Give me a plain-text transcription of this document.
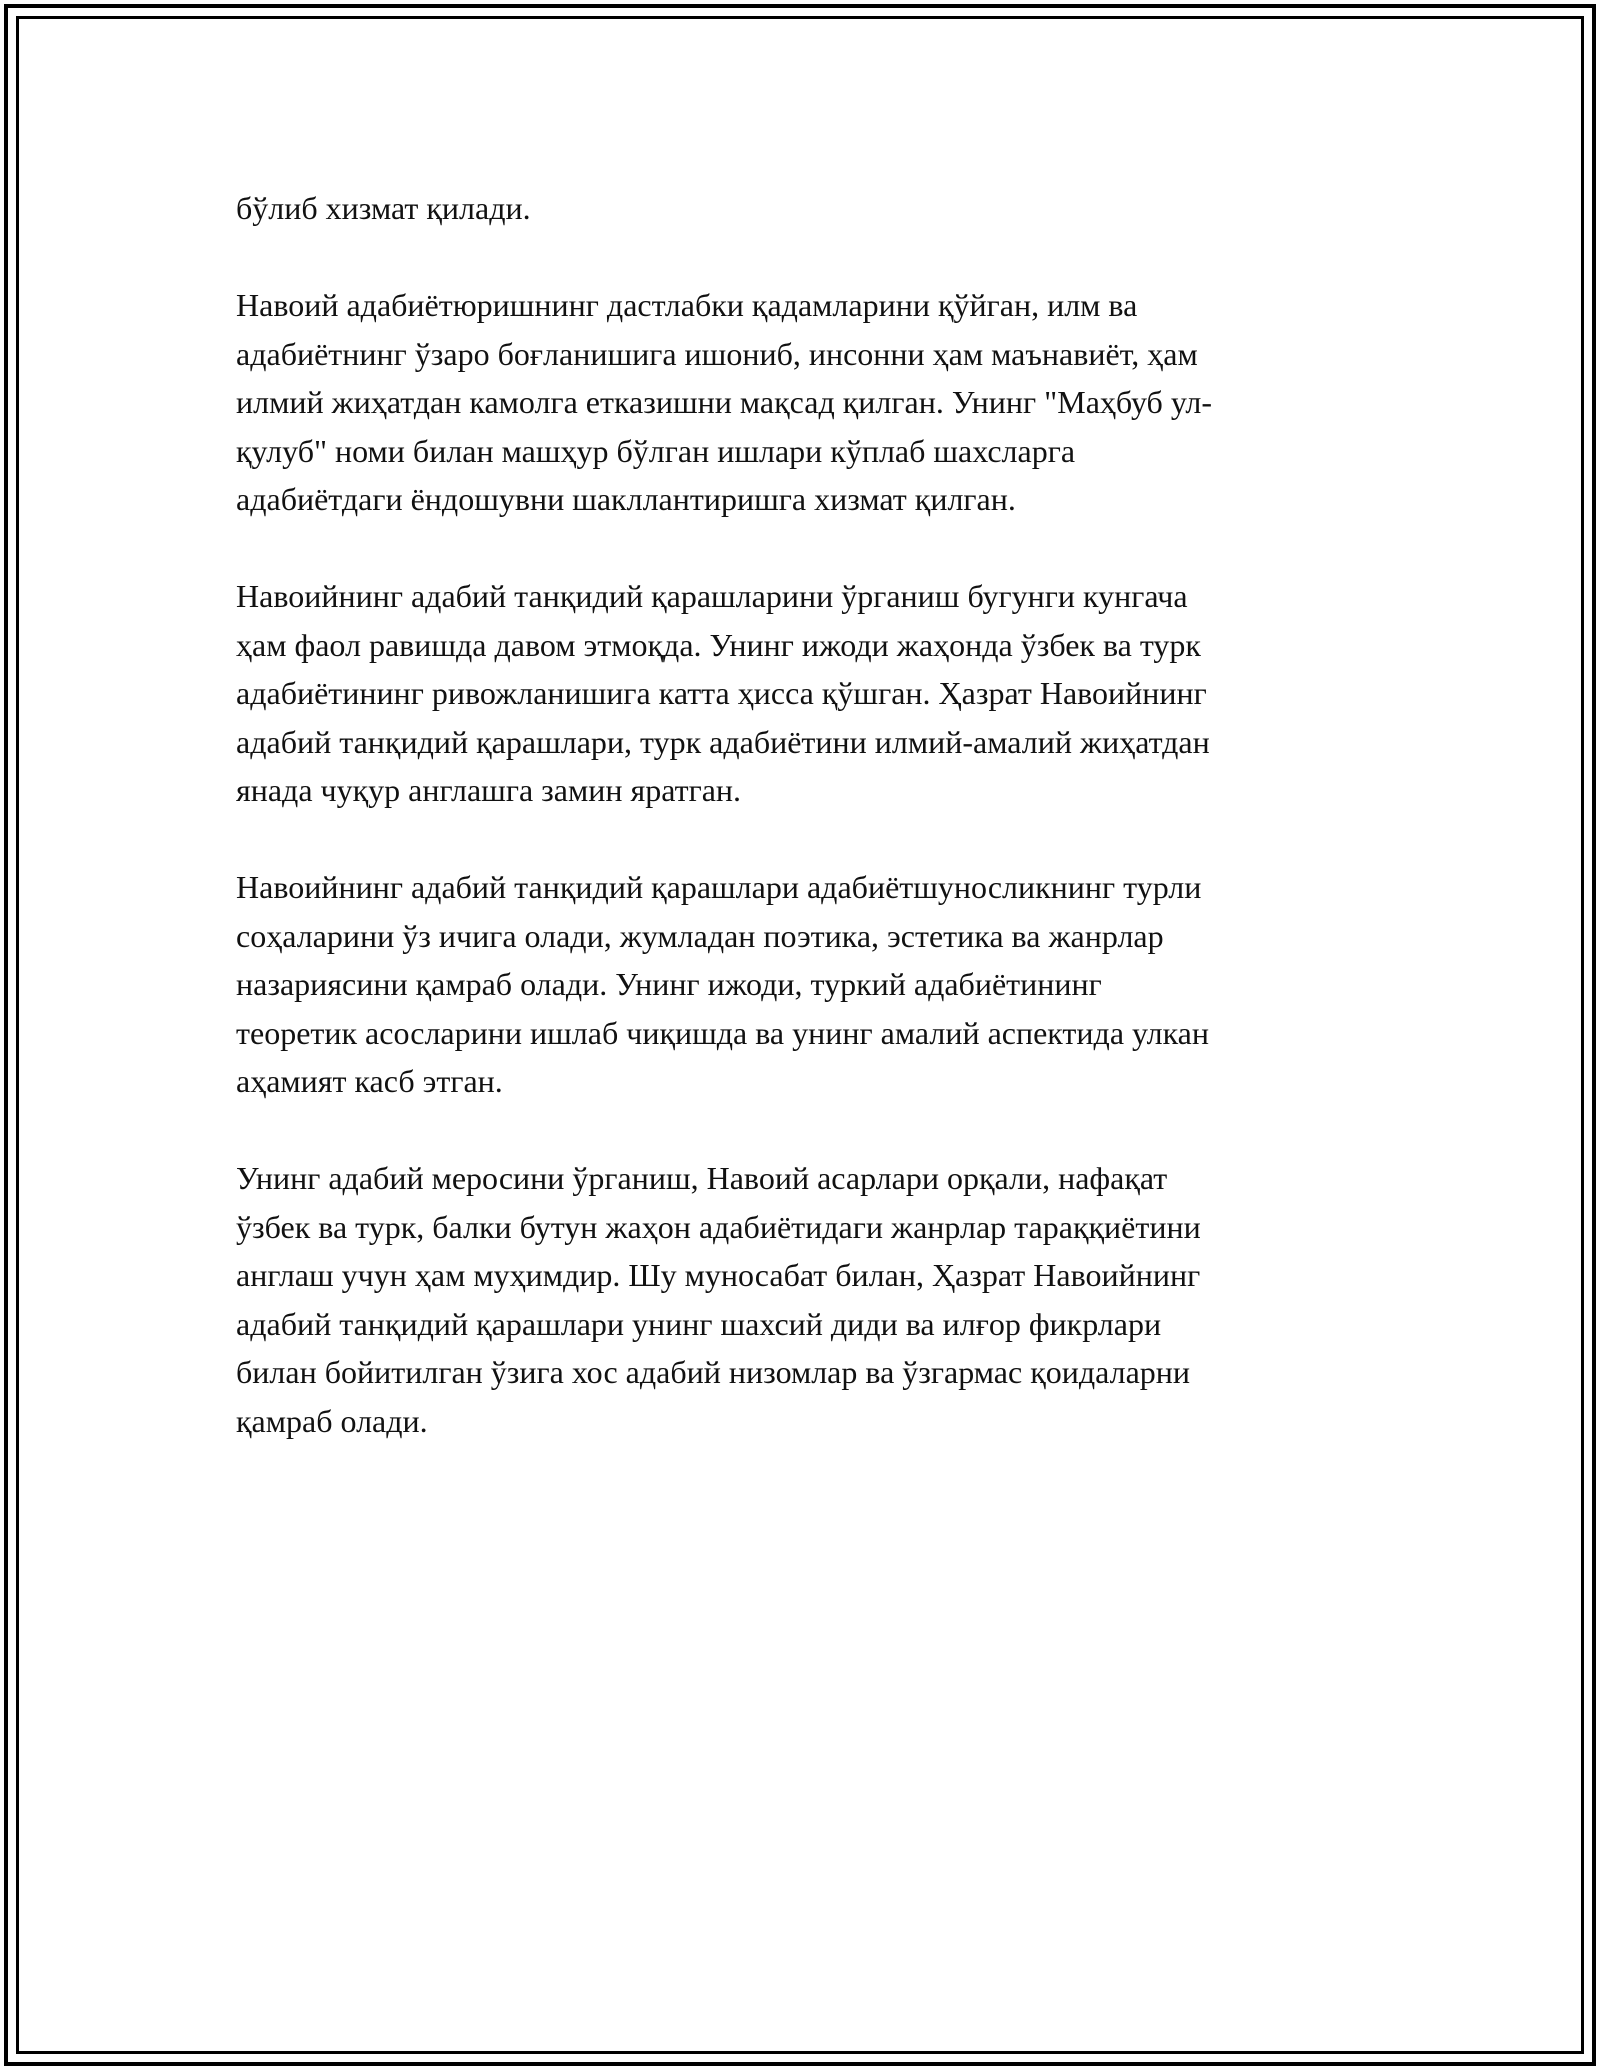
бўлиб хизмат қилади.

Навоий адабиётюришнинг дастлабки қадамларини қўйган, илм ва
адабиётнинг ўзаро боғланишига ишониб, инсонни ҳам маънавиёт, ҳам
илмий жиҳатдан камолга етказишни мақсад қилган. Унинг "Маҳбуб ул-
қулуб" номи билан машҳур бўлган ишлари кўплаб шахсларга
адабиётдаги ёндошувни шакллантиришга хизмат қилган.

Навоийнинг адабий танқидий қарашларини ўрганиш бугунги кунгача
ҳам фаол равишда давом этмоқда. Унинг ижоди жаҳонда ўзбек ва турк
адабиётининг ривожланишига катта ҳисса қўшган. Ҳазрат Навоийнинг
адабий танқидий қарашлари, турк адабиётини илмий-амалий жиҳатдан
янада чуқур англашга замин яратган.

Навоийнинг адабий танқидий қарашлари адабиётшуносликнинг турли
соҳаларини ўз ичига олади, жумладан поэтика, эстетика ва жанрлар
назариясини қамраб олади. Унинг ижоди, туркий адабиётининг
теоретик асосларини ишлаб чиқишда ва унинг амалий аспектида улкан
аҳамият касб этган.

Унинг адабий меросини ўрганиш, Навоий асарлари орқали, нафақат
ўзбек ва турк, балки бутун жаҳон адабиётидаги жанрлар тараққиётини
англаш учун ҳам муҳимдир. Шу муносабат билан, Ҳазрат Навоийнинг
адабий танқидий қарашлари унинг шахсий диди ва илғор фикрлари
билан бойитилган ўзига хос адабий низомлар ва ўзгармас қоидаларни
қамраб олади.
